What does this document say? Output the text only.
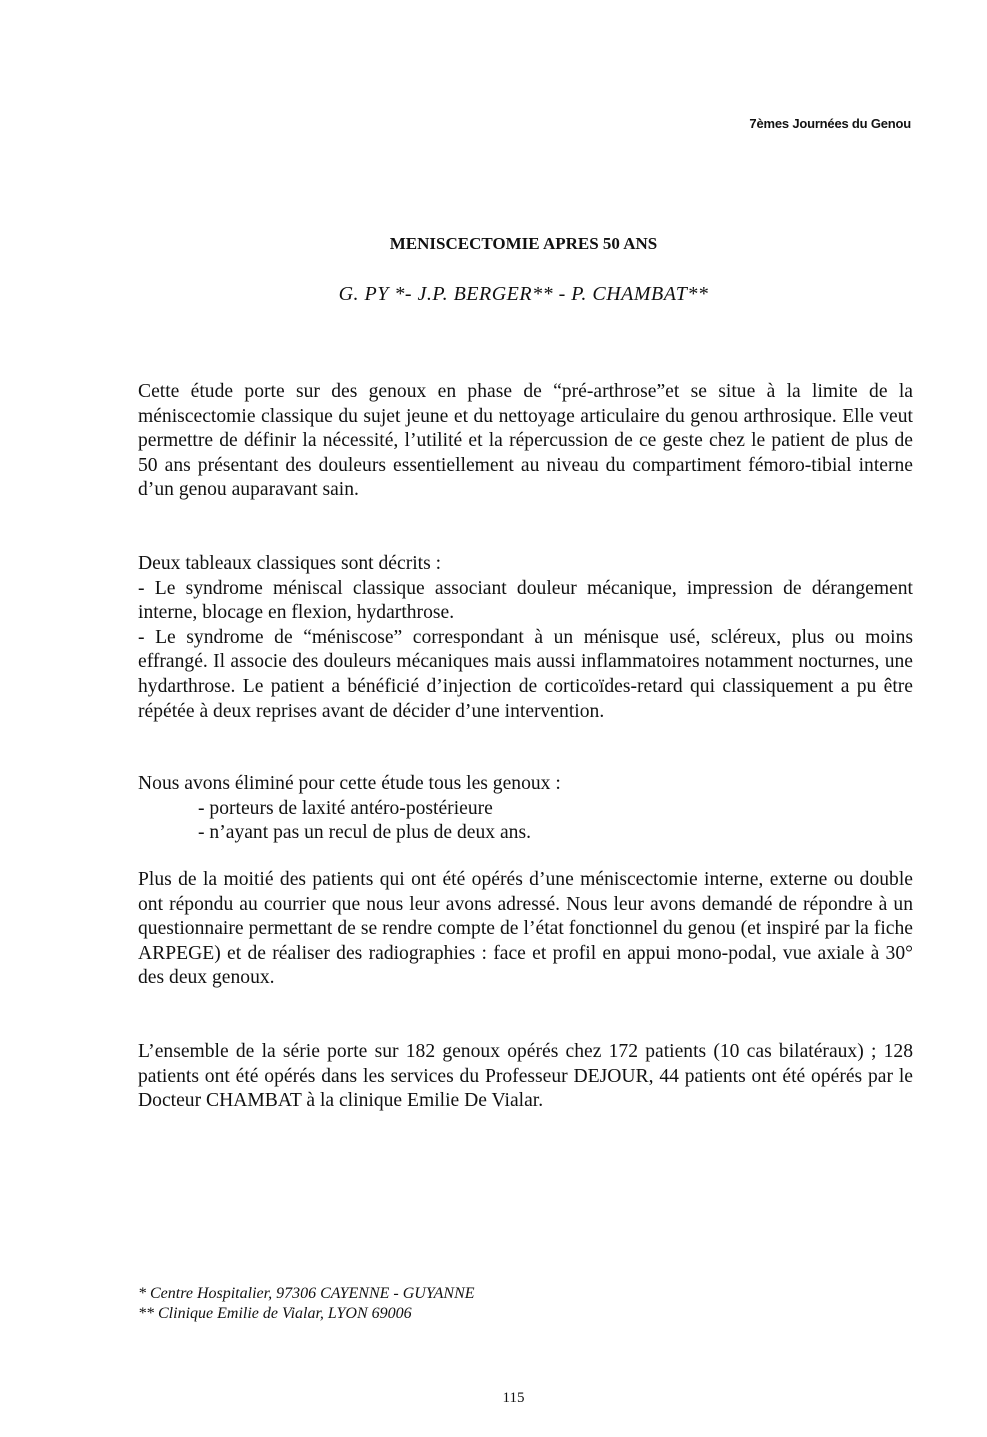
7èmes Journées du Genou
MENISCECTOMIE APRES 50 ANS
G. PY *- J.P. BERGER** - P. CHAMBAT**
Cette étude porte sur des genoux en phase de “pré-arthrose”et se situe à la limite de la méniscectomie classique du sujet jeune et du nettoyage articulaire du genou arthrosique. Elle veut permettre de définir la nécessité, l’utilité et la répercussion de ce geste chez le patient de plus de 50 ans présentant des douleurs essentiellement au niveau du compartiment fémoro-tibial interne d’un genou auparavant sain.
Deux tableaux classiques sont décrits :
- Le syndrome méniscal classique associant douleur mécanique, impression de dérangement interne, blocage en flexion, hydarthrose.
- Le syndrome de “méniscose” correspondant à un ménisque usé, scléreux, plus ou moins effrangé. Il associe des douleurs mécaniques mais aussi inflammatoires notamment nocturnes, une hydarthrose. Le patient a bénéficié d’injection de corticoïdes-retard qui classiquement a pu être répétée à deux reprises avant de décider d’une intervention.
Nous avons éliminé pour cette étude tous les genoux :
- porteurs de laxité antéro-postérieure
- n’ayant pas un recul de plus de deux ans.
Plus de la moitié des patients qui ont été opérés d’une méniscectomie interne, externe ou double ont répondu au courrier que nous leur avons adressé. Nous leur avons demandé de répondre à un questionnaire permettant de se rendre compte de l’état fonctionnel du genou (et inspiré par la fiche ARPEGE) et de réaliser des radiographies : face et profil en appui mono-podal, vue axiale à 30° des deux genoux.
L’ensemble de la série porte sur 182 genoux opérés chez 172 patients (10 cas bilatéraux) ; 128 patients ont été opérés dans les services du Professeur DEJOUR, 44 patients ont été opérés par le Docteur CHAMBAT à la clinique Emilie De Vialar.
* Centre Hospitalier, 97306 CAYENNE - GUYANNE
** Clinique Emilie de Vialar, LYON 69006
115
